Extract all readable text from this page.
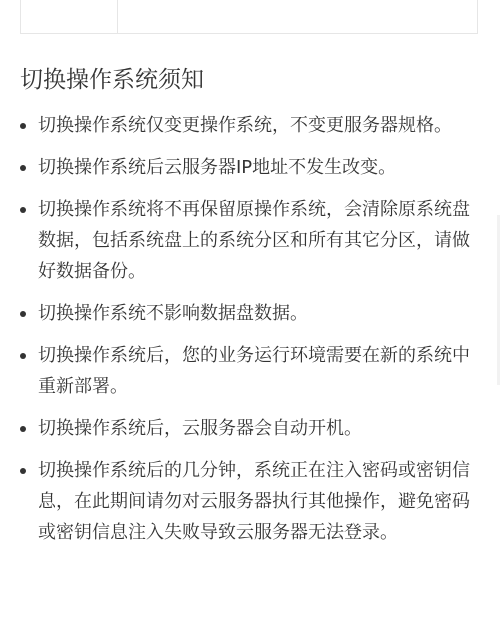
切换操作系统须知
切换操作系统仅变更操作系统，不变更服务器规格。
切换操作系统后云服务器IP地址不发生改变。
切换操作系统将不再保留原操作系统，会清除原系统盘数据，包括系统盘上的系统分区和所有其它分区，请做好数据备份。
切换操作系统不影响数据盘数据。
切换操作系统后，您的业务运行环境需要在新的系统中重新部署。
切换操作系统后，云服务器会自动开机。
切换操作系统后的几分钟，系统正在注入密码或密钥信息，在此期间请勿对云服务器执行其他操作，避免密码或密钥信息注入失败导致云服务器无法登录。
